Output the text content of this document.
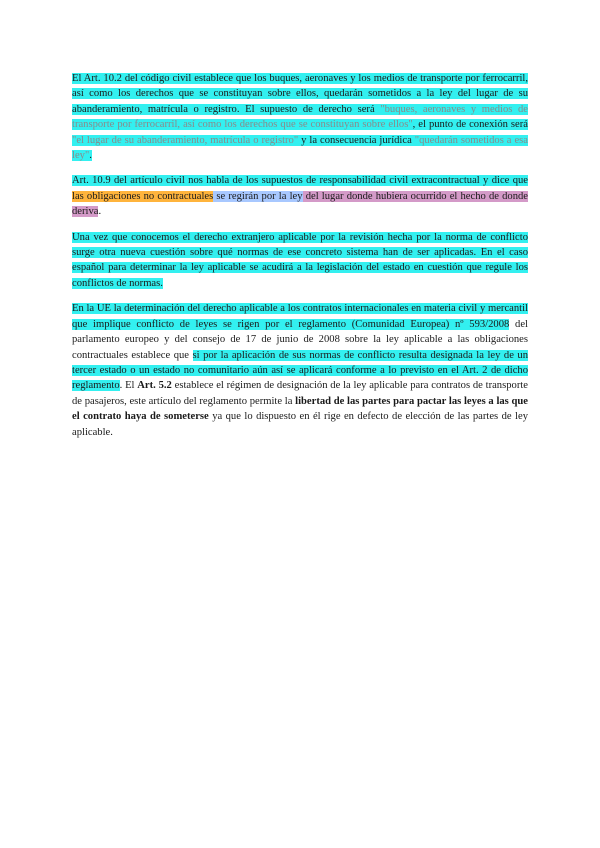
El Art. 10.2 del código civil establece que los buques, aeronaves y los medios de transporte por ferrocarril, así como los derechos que se constituyan sobre ellos, quedarán sometidos a la ley del lugar de su abanderamiento, matrícula o registro. El supuesto de derecho será "buques, aeronaves y medios de transporte por ferrocarril, así como los derechos que se constituyan sobre ellos", el punto de conexión será "el lugar de su abanderamiento, matrícula o registro" y la consecuencia jurídica "quedarán sometidos a esa ley".

Art. 10.9 del artículo civil nos habla de los supuestos de responsabilidad civil extracontractual y dice que las obligaciones no contractuales se regirán por la ley del lugar donde hubiera ocurrido el hecho de donde deriva.

Una vez que conocemos el derecho extranjero aplicable por la revisión hecha por la norma de conflicto surge otra nueva cuestión sobre qué normas de ese concreto sistema han de ser aplicadas. En el caso español para determinar la ley aplicable se acudirá a la legislación del estado en cuestión que regule los conflictos de normas.

En la UE la determinación del derecho aplicable a los contratos internacionales en materia civil y mercantil que implique conflicto de leyes se rigen por el reglamento (Comunidad Europea) nº 593/2008 del parlamento europeo y del consejo de 17 de junio de 2008 sobre la ley aplicable a las obligaciones contractuales establece que si por la aplicación de sus normas de conflicto resulta designada la ley de un tercer estado o un estado no comunitario aún así se aplicará conforme a lo previsto en el Art. 2 de dicho reglamento. El Art. 5.2 establece el régimen de designación de la ley aplicable para contratos de transporte de pasajeros, este artículo del reglamento permite la libertad de las partes para pactar las leyes a las que el contrato haya de someterse ya que lo dispuesto en él rige en defecto de elección de las partes de ley aplicable.
